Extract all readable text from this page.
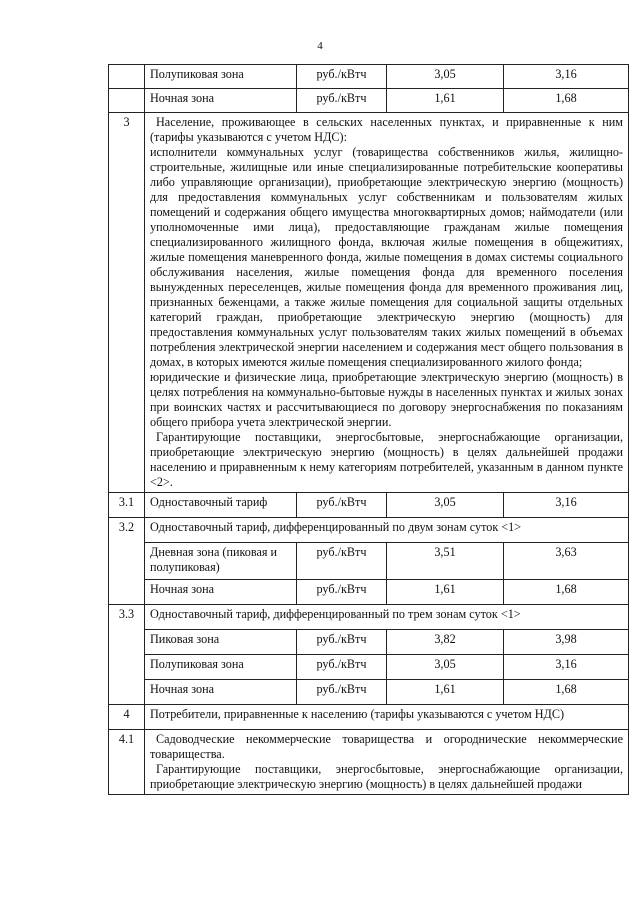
4
	Полупиковая зона	руб./кВтч	3,05	3,16
	Ночная зона	руб./кВтч	1,61	1,68
3	Население, проживающее в сельских населенных пунктах, и приравненные к ним (тарифы указываются с учетом НДС):
исполнители коммунальных услуг (товарищества собственников жилья, жилищно-строительные, жилищные или иные специализированные потребительские кооперативы либо управляющие организации), приобретающие электрическую энергию (мощность) для предоставления коммунальных услуг собственникам и пользователям жилых помещений и содержания общего имущества многоквартирных домов; наймодатели (или уполномоченные ими лица), предоставляющие гражданам жилые помещения специализированного жилищного фонда, включая жилые помещения в общежитиях, жилые помещения маневренного фонда, жилые помещения в домах системы социального обслуживания населения, жилые помещения фонда для временного поселения вынужденных переселенцев, жилые помещения фонда для временного проживания лиц, признанных беженцами, а также жилые помещения для социальной защиты отдельных категорий граждан, приобретающие электрическую энергию (мощность) для предоставления коммунальных услуг пользователям таких жилых помещений в объемах потребления электрической энергии населением и содержания мест общего пользования в домах, в которых имеются жилые помещения специализированного жилого фонда;
юридические и физические лица, приобретающие электрическую энергию (мощность) в целях потребления на коммунально-бытовые нужды в населенных пунктах и жилых зонах при воинских частях и рассчитывающиеся по договору энергоснабжения по показаниям общего прибора учета электрической энергии.
Гарантирующие поставщики, энергосбытовые, энергоснабжающие организации, приобретающие электрическую энергию (мощность) в целях дальнейшей продажи населению и приравненным к нему категориям потребителей, указанным в данном пункте <2>.			

3.1	Одноставочный тариф	руб./кВтч	3,05	3,16
3.2	Одноставочный тариф, дифференцированный по двум зонам суток <1>			
	Дневная зона (пиковая и полупиковая)	руб./кВтч	3,51	3,63
	Ночная зона	руб./кВтч	1,61	1,68
3.3	Одноставочный тариф, дифференцированный по трем зонам суток <1>			
	Пиковая зона	руб./кВтч	3,82	3,98
	Полупиковая зона	руб./кВтч	3,05	3,16
	Ночная зона	руб./кВтч	1,61	1,68
4	Потребители, приравненные к населению (тарифы указываются с учетом НДС)			
4.1	Садоводческие некоммерческие товарищества и огороднические некоммерческие товарищества.
Гарантирующие поставщики, энергосбытовые, энергоснабжающие организации, приобретающие электрическую энергию (мощность) в целях дальнейшей продажи			
